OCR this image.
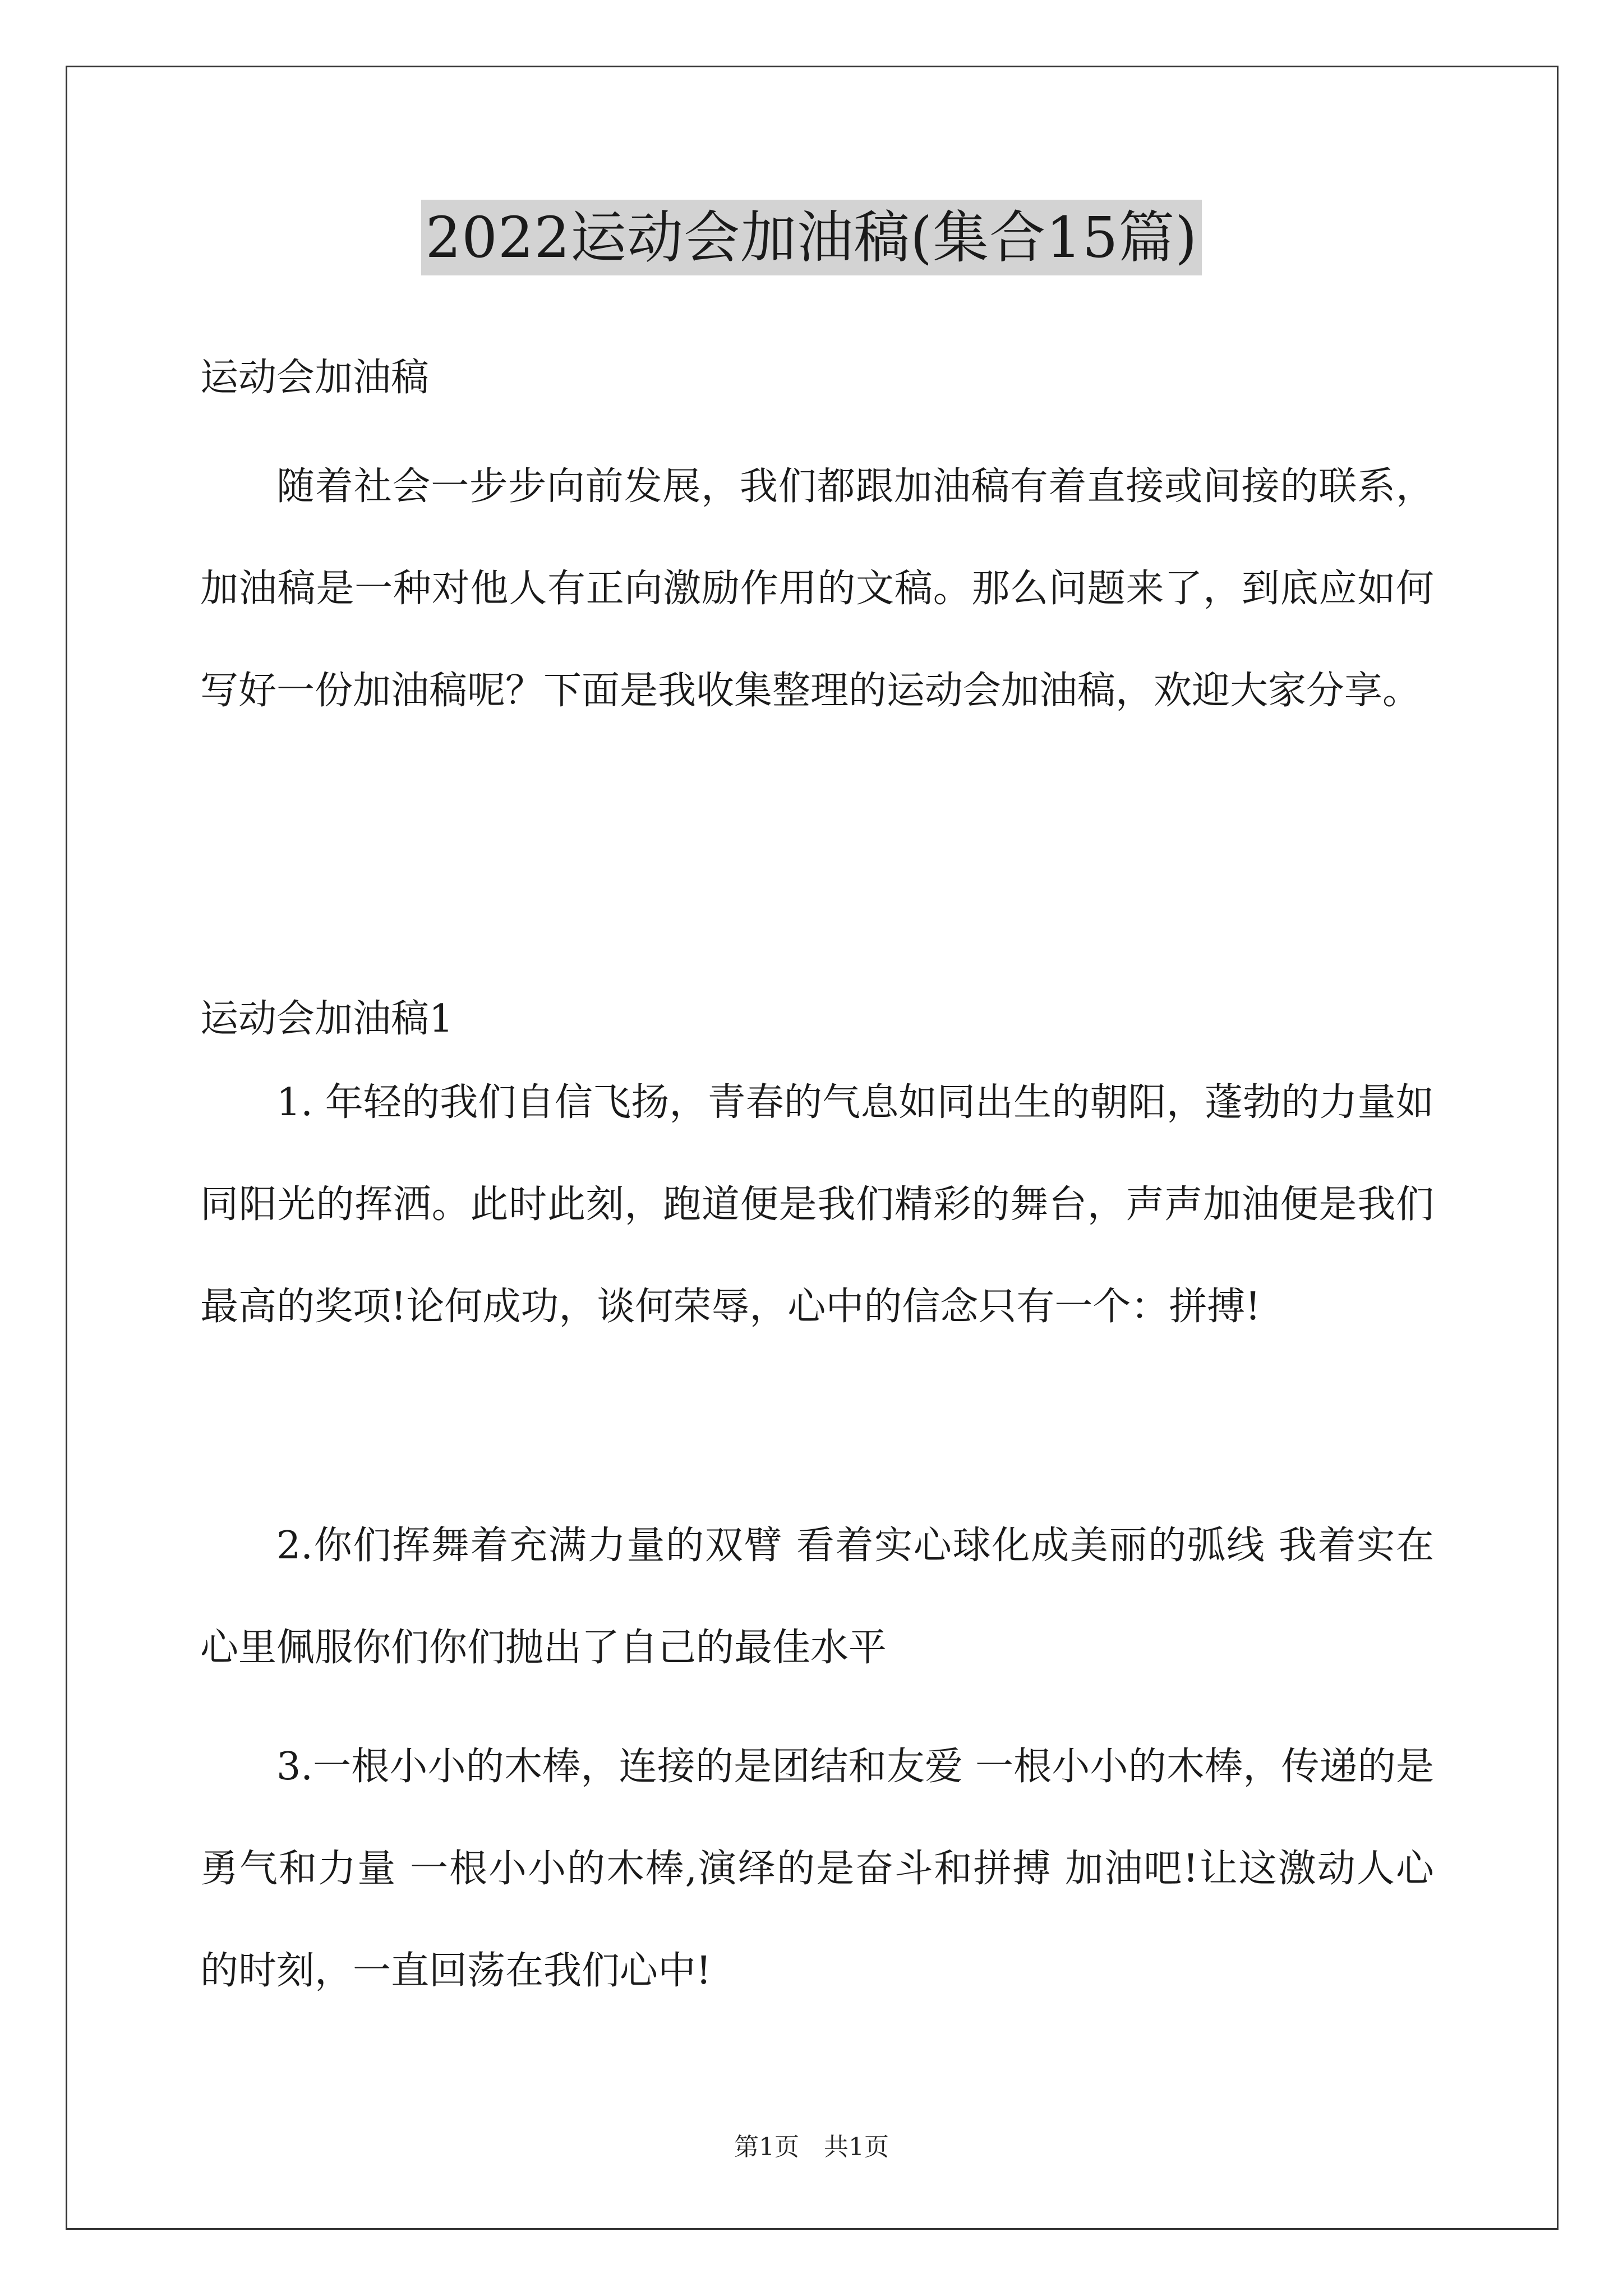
2022运动会加油稿(集合15篇)
运动会加油稿
随着社会一步步向前发展，我们都跟加油稿有着直接或间接的联系，加油稿是一种对他人有正向激励作用的文稿。那么问题来了，到底应如何写好一份加油稿呢？下面是我收集整理的运动会加油稿，欢迎大家分享。
运动会加油稿1
1. 年轻的我们自信飞扬，青春的气息如同出生的朝阳，蓬勃的力量如同阳光的挥洒。此时此刻，跑道便是我们精彩的舞台，声声加油便是我们最高的奖项!论何成功，谈何荣辱，心中的信念只有一个：拼搏!
2.你们挥舞着充满力量的双臂 看着实心球化成美丽的弧线 我着实在心里佩服你们你们抛出了自己的最佳水平
3.一根小小的木棒，连接的是团结和友爱 一根小小的木棒，传递的是勇气和力量 一根小小的木棒,演绎的是奋斗和拼搏 加油吧!让这激动人心的时刻，一直回荡在我们心中!
第1页　共1页
